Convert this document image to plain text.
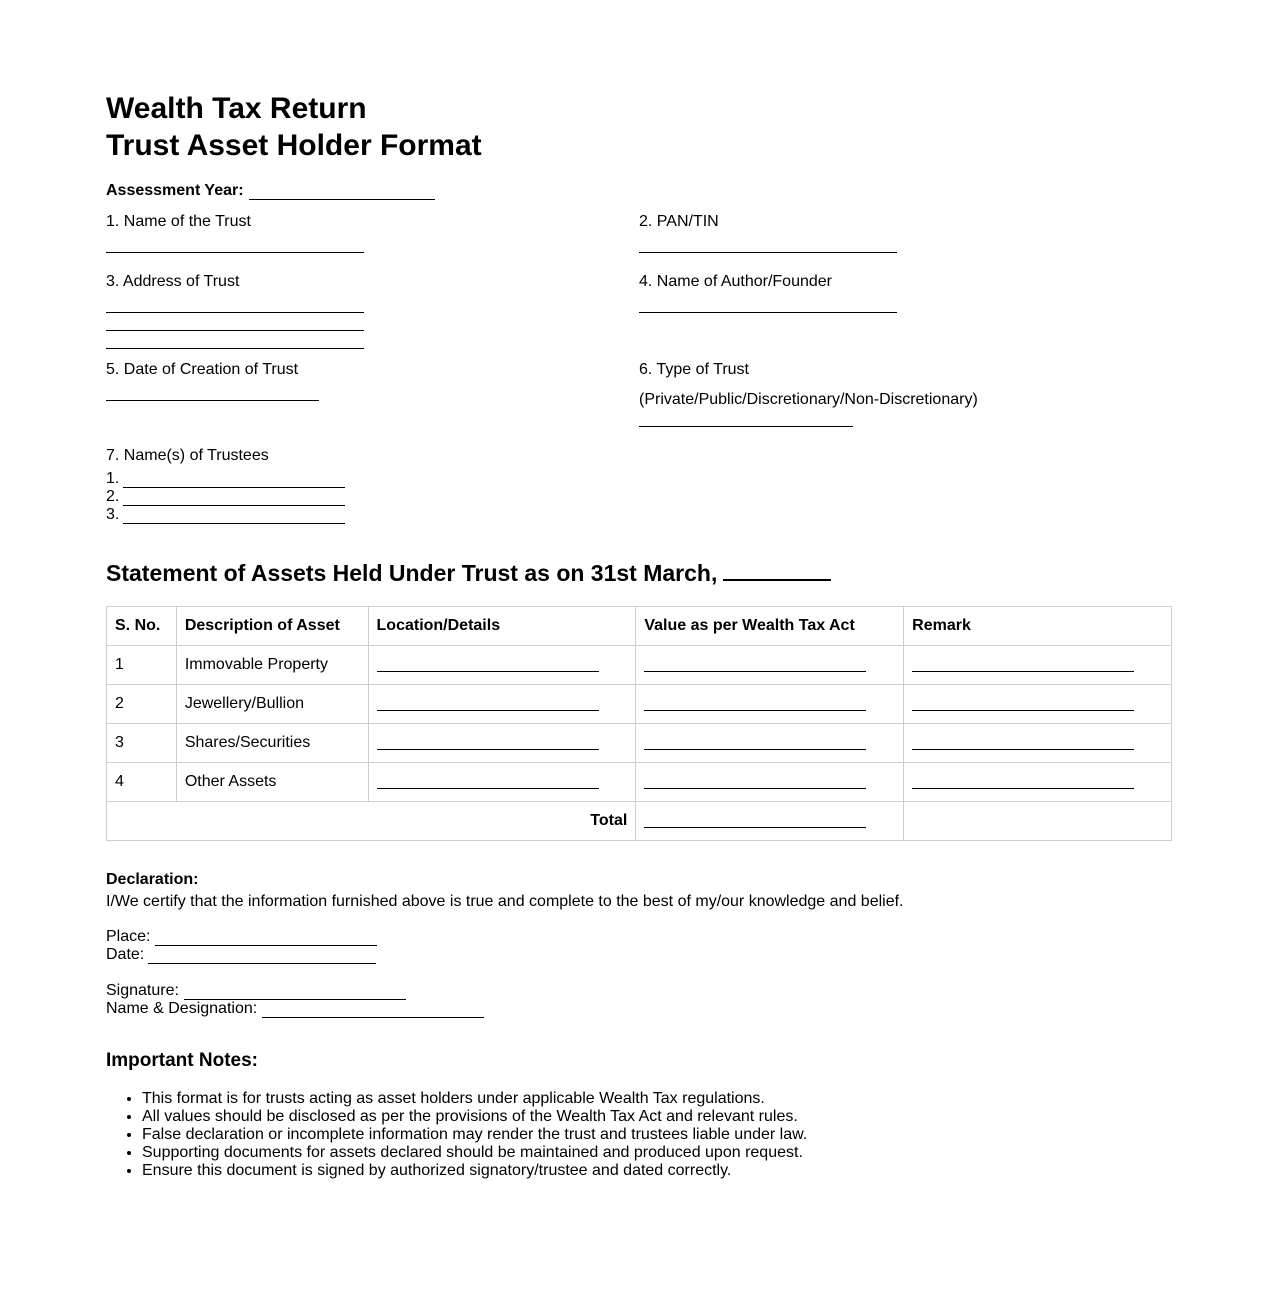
Wealth Tax Return
Trust Asset Holder Format
Assessment Year:
1. Name of the Trust	2. PAN/TIN
3. Address of Trust	4. Name of Author/Founder
5. Date of Creation of Trust	6. Type of Trust
(Private/Public/Discretionary/Non-Discretionary)
7. Name(s) of Trustees
1.
2.
3.
Statement of Assets Held Under Trust as on 31st March,
S. No.	Description of Asset	Location/Details	Value as per Wealth Tax Act	Remark
1	Immovable Property	

2	Jewellery/Bullion	

3	Shares/Securities	

4	Other Assets	

Total			

Declaration:
I/We certify that the information furnished above is true and complete to the best of my/our knowledge and belief.
Place:
Date:
Signature:
Name & Designation:
Important Notes:
• This format is for trusts acting as asset holders under applicable Wealth Tax regulations.
• All values should be disclosed as per the provisions of the Wealth Tax Act and relevant rules.
• False declaration or incomplete information may render the trust and trustees liable under law.
• Supporting documents for assets declared should be maintained and produced upon request.
• Ensure this document is signed by authorized signatory/trustee and dated correctly.
